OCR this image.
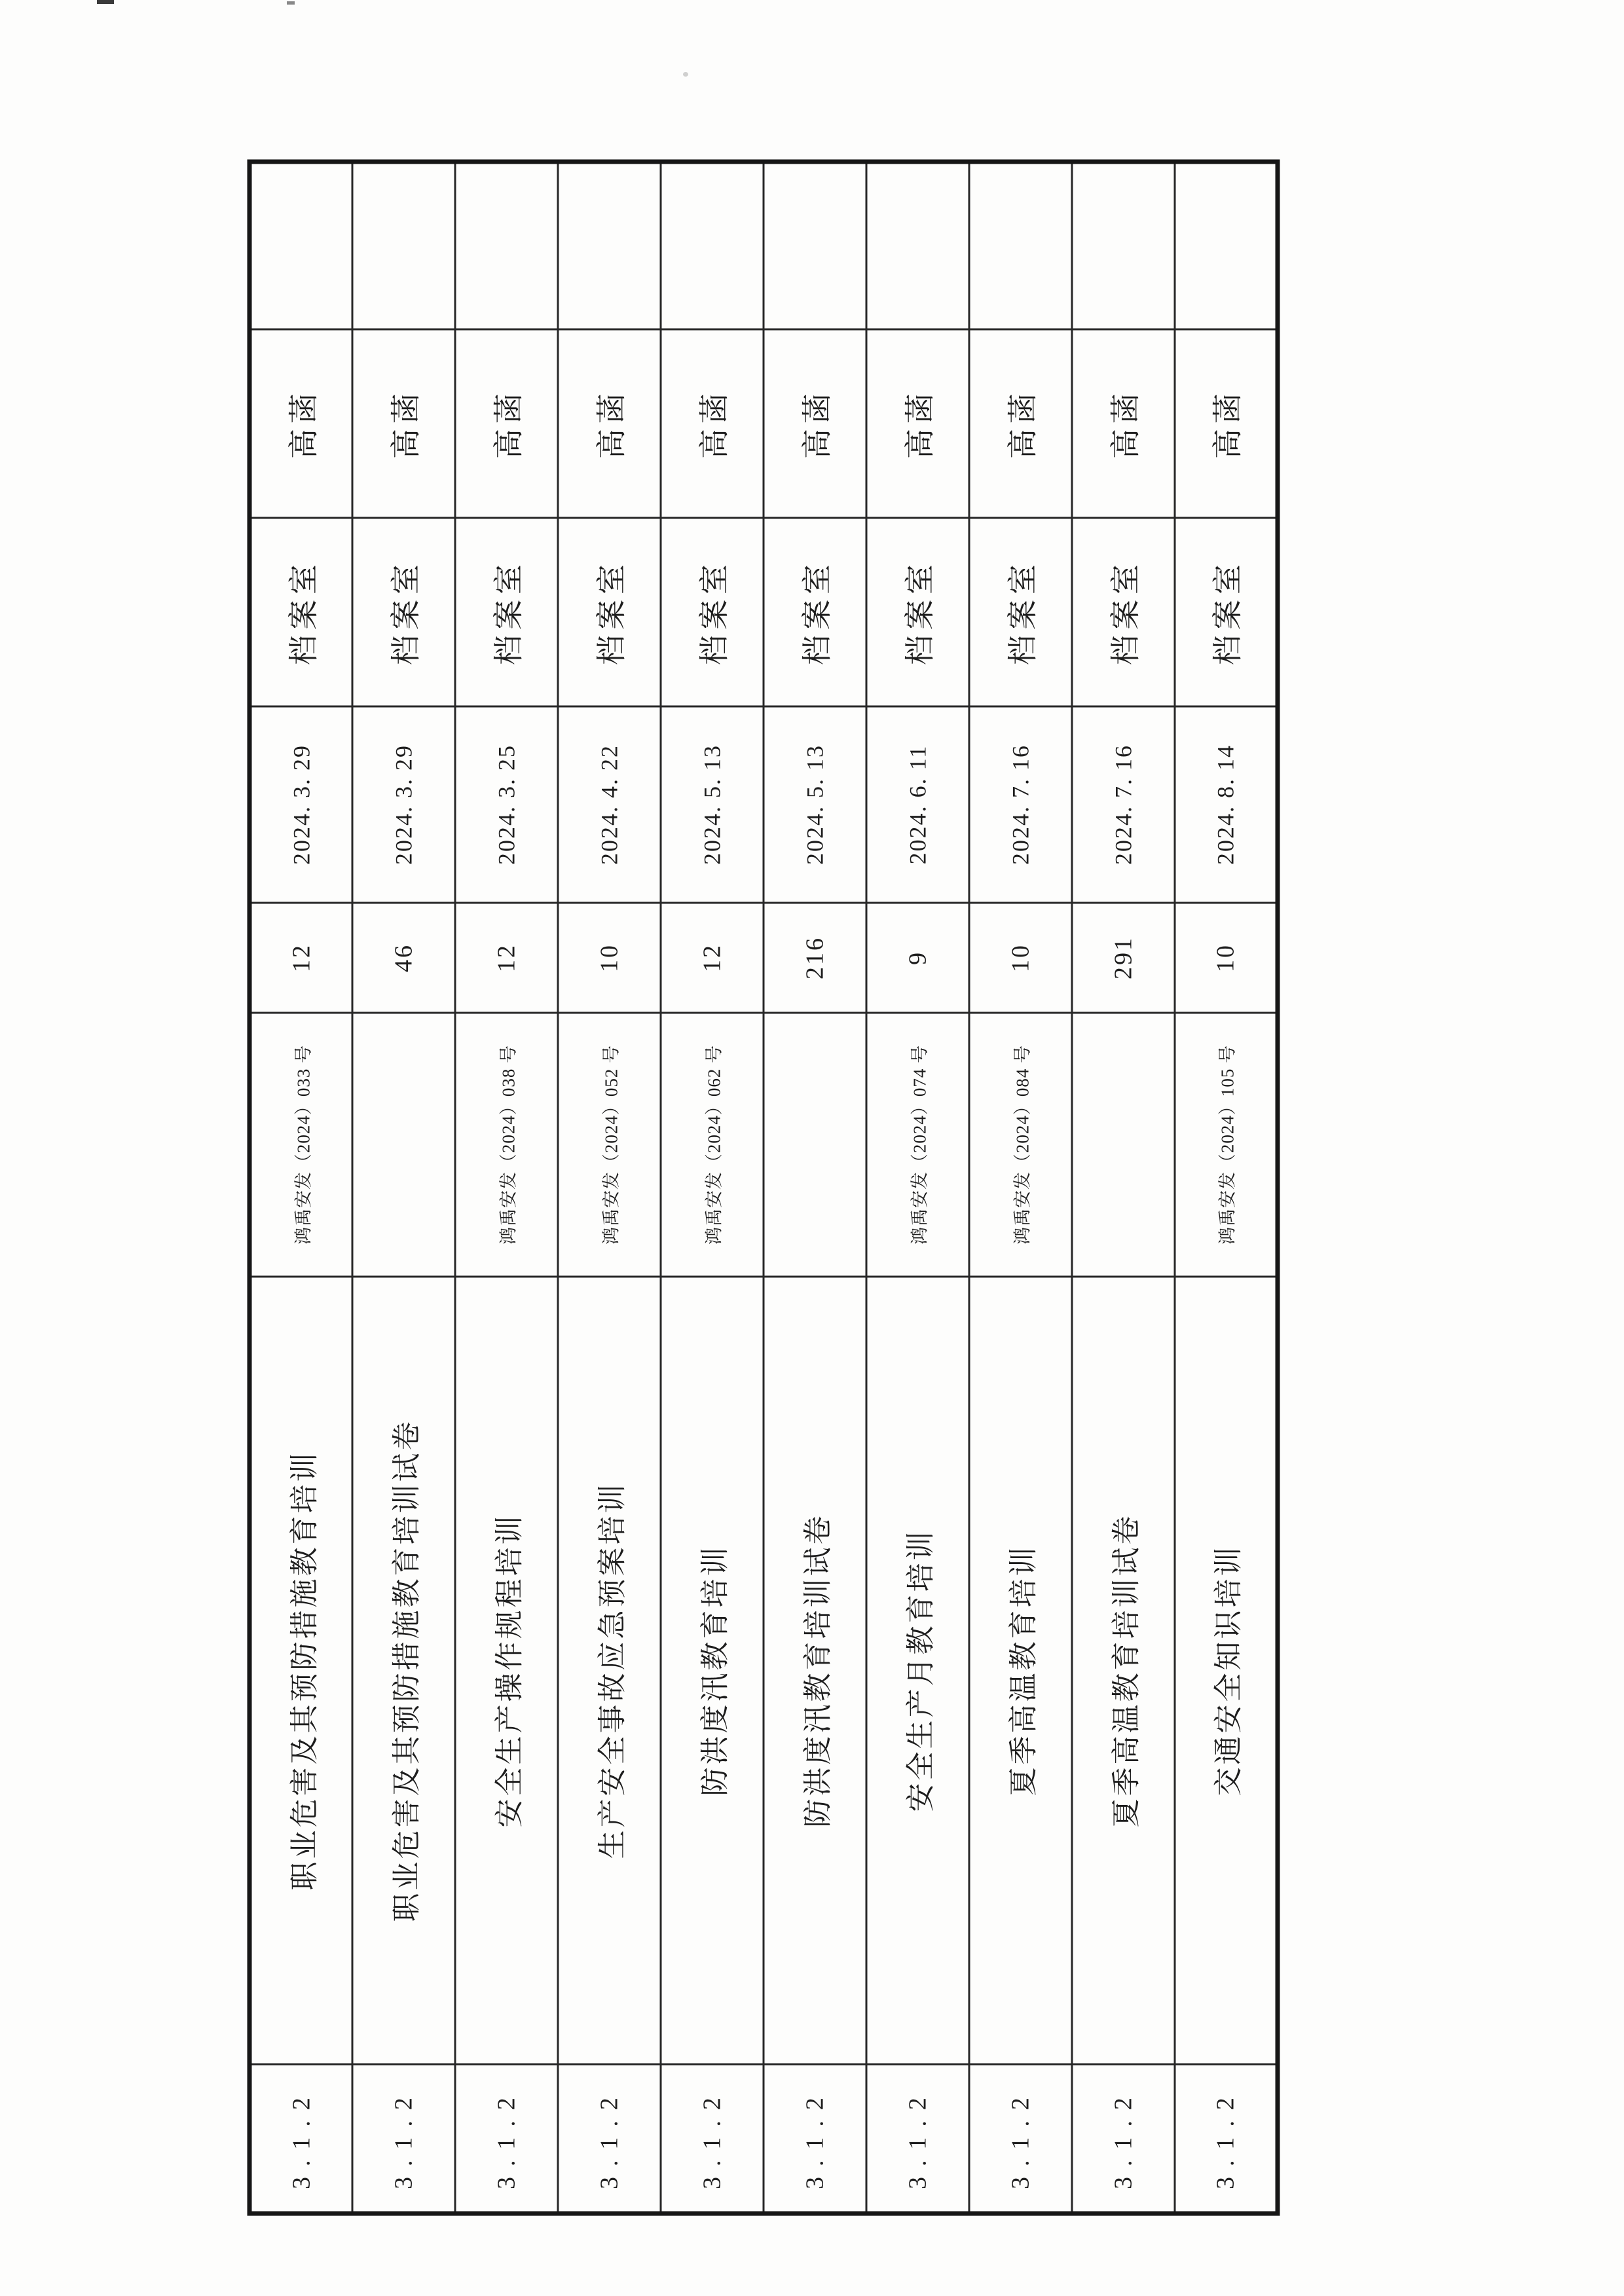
3.1.2	职业危害及其预防措施教育培训	鸿禹安发（2024）033 号	12	2024. 3. 29	档案室	高菡	
3.1.2	职业危害及其预防措施教育培训试卷		46	2024. 3. 29	档案室	高菡	
3.1.2	安全生产操作规程培训	鸿禹安发（2024）038 号	12	2024. 3. 25	档案室	高菡	
3.1.2	生产安全事故应急预案培训	鸿禹安发（2024）052 号	10	2024. 4. 22	档案室	高菡	
3.1.2	防洪度汛教育培训	鸿禹安发（2024）062 号	12	2024. 5. 13	档案室	高菡	
3.1.2	防洪度汛教育培训试卷		216	2024. 5. 13	档案室	高菡	
3.1.2	安全生产月教育培训	鸿禹安发（2024）074 号	9	2024. 6. 11	档案室	高菡	
3.1.2	夏季高温教育培训	鸿禹安发（2024）084 号	10	2024. 7. 16	档案室	高菡	
3.1.2	夏季高温教育培训试卷		291	2024. 7. 16	档案室	高菡	
3.1.2	交通安全知识培训	鸿禹安发（2024）105 号	10	2024. 8. 14	档案室	高菡	
